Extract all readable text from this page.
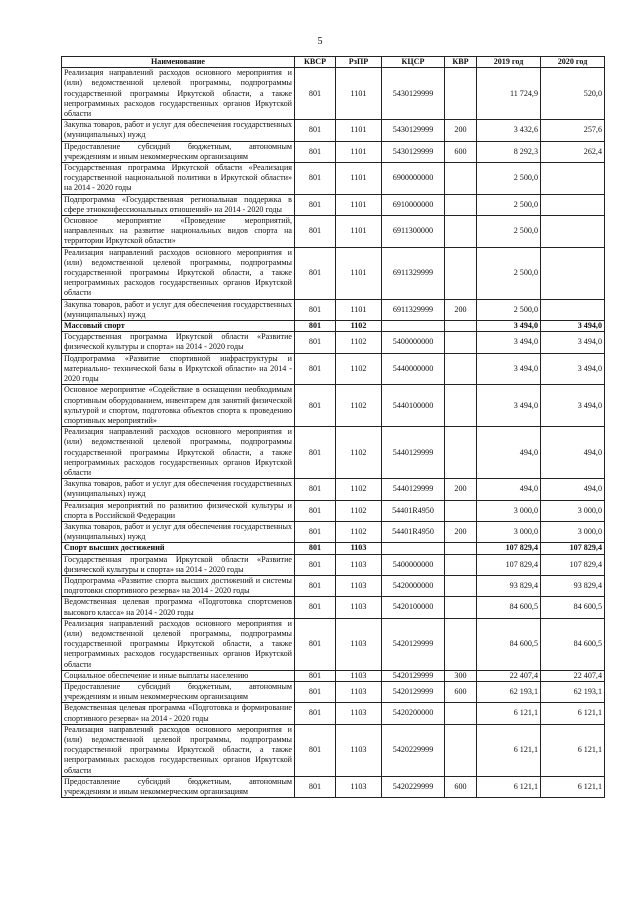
5
Наименование	КВСР	РзПР	КЦСР	КВР	2019 год	2020 год
Реализация направлений расходов основного мероприятия и (или) ведомственной целевой программы, подпрограммы государственной программы Иркутской области, а также непрограммных расходов государственных органов Иркутской области	801	1101	5430129999		11 724,9	520,0
Закупка товаров, работ и услуг для обеспечения государственных (муниципальных) нужд	801	1101	5430129999	200	3 432,6	257,6
Предоставление субсидий бюджетным, автономным учреждениям и иным некоммерческим организациям	801	1101	5430129999	600	8 292,3	262,4
Государственная программа Иркутской области «Реализация государственной национальной политики в Иркутской области» на 2014 - 2020 годы	801	1101	6900000000		2 500,0	
Подпрограмма «Государственная региональная поддержка в сфере этноконфессиональных отношений» на 2014 - 2020 годы	801	1101	6910000000		2 500,0	
Основное мероприятие «Проведение мероприятий, направленных на развитие национальных видов спорта на территории Иркутской области»	801	1101	6911300000		2 500,0	
Реализация направлений расходов основного мероприятия и (или) ведомственной целевой программы, подпрограммы государственной программы Иркутской области, а также непрограммных расходов государственных органов Иркутской области	801	1101	6911329999		2 500,0	
Закупка товаров, работ и услуг для обеспечения государственных (муниципальных) нужд	801	1101	6911329999	200	2 500,0	
Массовый спорт	801	1102			3 494,0	3 494,0
Государственная программа Иркутской области «Развитие физической культуры и спорта» на 2014 - 2020 годы	801	1102	5400000000		3 494,0	3 494,0
Подпрограмма «Развитие спортивной инфраструктуры и материально- технической базы в Иркутской области» на 2014 - 2020 годы	801	1102	5440000000		3 494,0	3 494,0
Основное мероприятие «Содействие в оснащении необходимым спортивным оборудованием, инвентарем для занятий физической культурой и спортом, подготовка объектов спорта к проведению спортивных мероприятий»	801	1102	5440100000		3 494,0	3 494,0
Реализация направлений расходов основного мероприятия и (или) ведомственной целевой программы, подпрограммы государственной программы Иркутской области, а также непрограммных расходов государственных органов Иркутской области	801	1102	5440129999		494,0	494,0
Закупка товаров, работ и услуг для обеспечения государственных (муниципальных) нужд	801	1102	5440129999	200	494,0	494,0
Реализация мероприятий по развитию физической культуры и спорта в Российской Федерации	801	1102	54401R4950		3 000,0	3 000,0
Закупка товаров, работ и услуг для обеспечения государственных (муниципальных) нужд	801	1102	54401R4950	200	3 000,0	3 000,0
Спорт высших достижений	801	1103			107 829,4	107 829,4
Государственная программа Иркутской области «Развитие физической культуры и спорта» на 2014 - 2020 годы	801	1103	5400000000		107 829,4	107 829,4
Подпрограмма «Развитие спорта высших достижений и системы подготовки спортивного резерва» на 2014 - 2020 годы	801	1103	5420000000		93 829,4	93 829,4
Ведомственная целевая программа «Подготовка спортсменов высокого класса» на 2014 - 2020 годы	801	1103	5420100000		84 600,5	84 600,5
Реализация направлений расходов основного мероприятия и (или) ведомственной целевой программы, подпрограммы государственной программы Иркутской области, а также непрограммных расходов государственных органов Иркутской области	801	1103	5420129999		84 600,5	84 600,5
Социальное обеспечение и иные выплаты населению	801	1103	5420129999	300	22 407,4	22 407,4
Предоставление субсидий бюджетным, автономным учреждениям и иным некоммерческим организациям	801	1103	5420129999	600	62 193,1	62 193,1
Ведомственная целевая программа «Подготовка и формирование спортивного резерва» на 2014 - 2020 годы	801	1103	5420200000		6 121,1	6 121,1
Реализация направлений расходов основного мероприятия и (или) ведомственной целевой программы, подпрограммы государственной программы Иркутской области, а также непрограммных расходов государственных органов Иркутской области	801	1103	5420229999		6 121,1	6 121,1
Предоставление субсидий бюджетным, автономным учреждениям и иным некоммерческим организациям	801	1103	5420229999	600	6 121,1	6 121,1
